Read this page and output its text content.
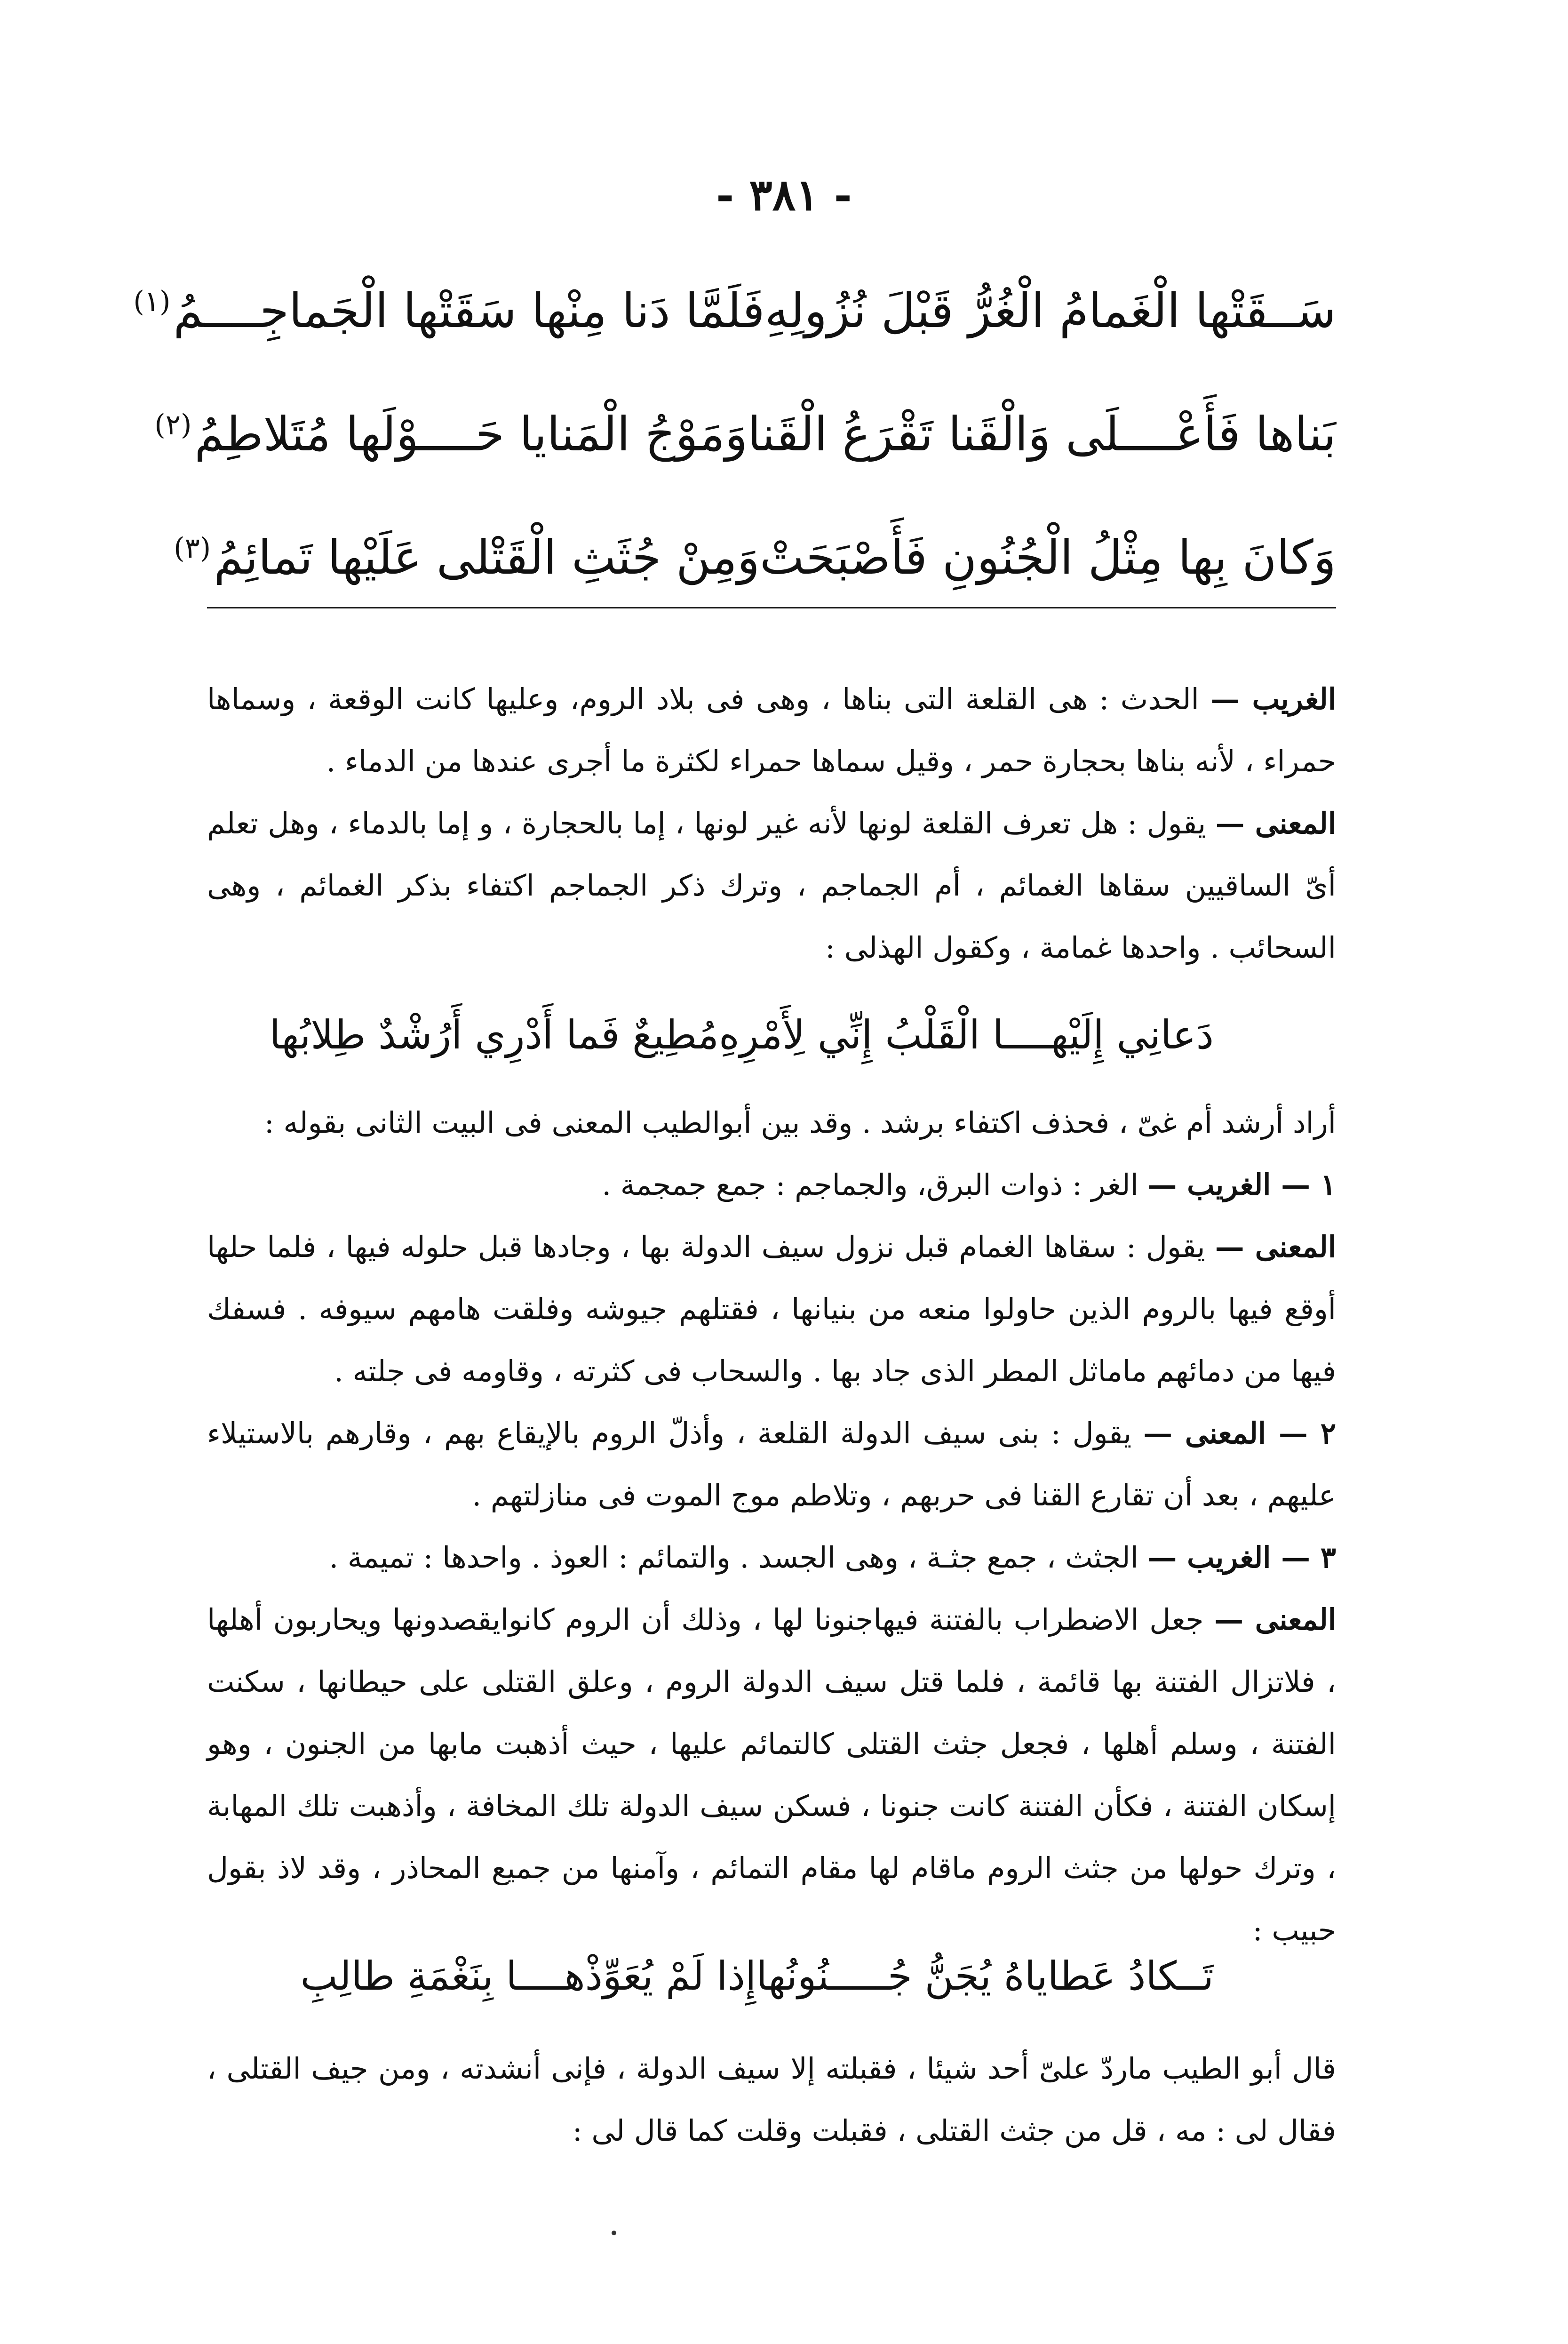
- ٣٨١ -
سَــقَتْها الْغَمامُ الْغُرُّ قَبْلَ نُزُولِهِ
فَلَمَّا دَنا مِنْها سَقَتْها الْجَماجِــــمُ$^{(١)}$
بَناها فَأَعْــــلَى وَالْقَنا تَقْرَعُ الْقَنا
وَمَوْجُ الْمَنايا حَــــوْلَها مُتَلاطِمُ$^{(٢)}$
وَكانَ بِها مِثْلُ الْجُنُونِ فَأَصْبَحَتْ
وَمِنْ جُثَثِ الْقَتْلى عَلَيْها تَمائِمُ$^{(٣)}$

الغريب — الحدث : هى القلعة التى بناها ، وهى فى بلاد الروم، وعليها كانت الوقعة ، وسماها حمراء ، لأنه بناها بحجارة حمر ، وقيل سماها حمراء لكثرة ما أجرى عندها من الدماء .

المعنى — يقول : هل تعرف القلعة لونها لأنه غير لونها ، إما بالحجارة ، و إما بالدماء ، وهل تعلم أىّ الساقيين سقاها الغمائم ، أم الجماجم ، وترك ذكر الجماجم اكتفاء بذكر الغمائم ، وهى السحائب . واحدها غمامة ، وكقول الهذلى :

دَعانِي إِلَيْهــــا الْقَلْبُ إِنِّي لِأَمْرِهِ
مُطِيعٌ فَما أَدْرِي أَرُشْدٌ طِلابُها

أراد أرشد أم غىّ ، فحذف اكتفاء برشد . وقد بين أبوالطيب المعنى فى البيت الثانى بقوله :

١ — الغريب — الغر : ذوات البرق، والجماجم : جمع جمجمة .

المعنى — يقول : سقاها الغمام قبل نزول سيف الدولة بها ، وجادها قبل حلوله فيها ، فلما حلها أوقع فيها بالروم الذين حاولوا منعه من بنيانها ، فقتلهم جيوشه وفلقت هامهم سيوفه . فسفك فيها من دمائهم ماماثل المطر الذى جاد بها . والسحاب فى كثرته ، وقاومه فى جلته .

٢ — المعنى — يقول : بنى سيف الدولة القلعة ، وأذلّ الروم بالإيقاع بهم ، وقارهم بالاستيلاء عليهم ، بعد أن تقارع القنا فى حربهم ، وتلاطم موج الموت فى منازلتهم .

٣ — الغريب — الجثث ، جمع جثـة ، وهى الجسد . والتمائم : العوذ . واحدها : تميمة .

المعنى — جعل الاضطراب بالفتنة فيهاجنونا لها ، وذلك أن الروم كانوايقصدونها ويحاربون أهلها ، فلاتزال الفتنة بها قائمة ، فلما قتل سيف الدولة الروم ، وعلق القتلى على حيطانها ، سكنت الفتنة ، وسلم أهلها ، فجعل جثث القتلى كالتمائم عليها ، حيث أذهبت مابها من الجنون ، وهو إسكان الفتنة ، فكأن الفتنة كانت جنونا ، فسكن سيف الدولة تلك المخافة ، وأذهبت تلك المهابة ، وترك حولها من جثث الروم ماقام لها مقام التمائم ، وآمنها من جميع المحاذر ، وقد لاذ بقول حبيب :

تَــكادُ عَطاياهُ يُجَنُّ جُـــــنُونُها
إِذا لَمْ يُعَوِّذْهــــا بِنَغْمَةِ طالِبِ

قال أبو الطيب ماردّ علىّ أحد شيئا ، فقبلته إلا سيف الدولة ، فإنى أنشدته ، ومن جيف القتلى ، فقال لى : مه ، قل من جثث القتلى ، فقبلت وقلت كما قال لى :
